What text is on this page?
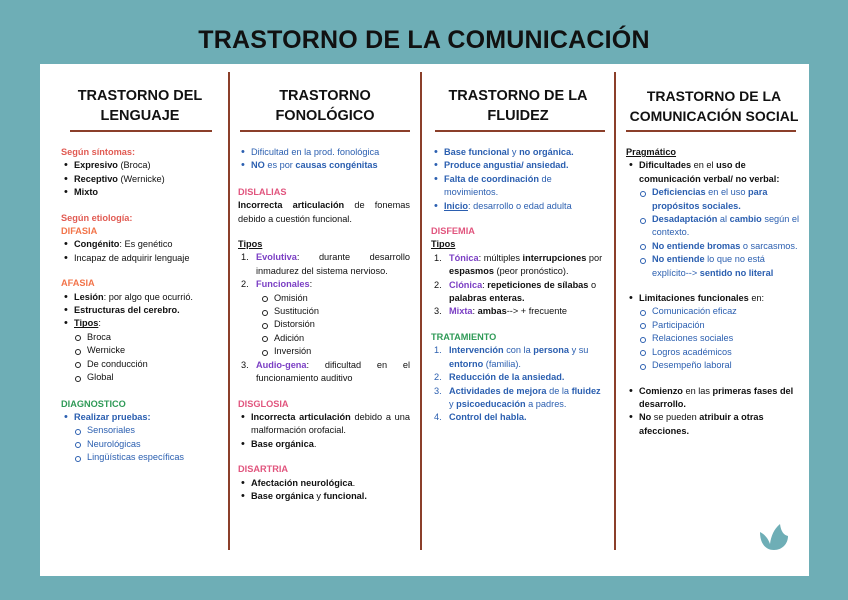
TRASTORNO DE LA COMUNICACIÓN
TRASTORNO DEL LENGUAJE
Según síntomas:
• Expresivo (Broca)
• Receptivo (Wernicke)
• Mixto
Según etiología:
DIFASIA
• Congénito: Es genético
• Incapaz de adquirir lenguaje
AFASIA
• Lesión: por algo que ocurrió.
• Estructuras del cerebro.
• Tipos:
Broca
Wernicke
De conducción
Global
DIAGNOSTICO
• Realizar pruebas:
Sensoriales
Neurológicas
Lingüísticas específicas
TRASTORNO FONOLÓGICO
• Dificultad en la prod. fonológica
• NO es por causas congénitas
DISLALIAS
Incorrecta articulación de fonemas debido a cuestión funcional.
Tipos
1. Evolutiva: durante desarrollo inmadurez del sistema nervioso.
2. Funcionales:
Omisión
Sustitución
Distorsión
Adición
Inversión
3. Audio-gena: dificultad en el funcionamiento auditivo
DISGLOSIA
• Incorrecta articulación debido a una malformación orofacial.
• Base orgánica.
DISARTRIA
• Afectación neurológica.
• Base orgánica y funcional.
TRASTORNO DE LA FLUIDEZ
• Base funcional y no orgánica.
• Produce angustia/ ansiedad.
• Falta de coordinación de movimientos.
• Inicio: desarrollo o edad adulta
DISFEMIA
Tipos
1. Tónica: múltiples interrupciones por espasmos (peor pronóstico).
2. Clónica: repeticiones de sílabas o palabras enteras.
3. Mixta: ambas--> + frecuente
TRATAMIENTO
1. Intervención con la persona y su entorno (familia).
2. Reducción de la ansiedad.
3. Actividades de mejora de la fluidez y psicoeducación a padres.
4. Control del habla.
TRASTORNO DE LA COMUNICACIÓN SOCIAL
Pragmático
• Dificultades en el uso de comunicación verbal/ no verbal:
Deficiencias en el uso para propósitos sociales.
Desadaptación al cambio según el contexto.
No entiende bromas o sarcasmos.
No entiende lo que no está explícito--> sentido no literal
• Limitaciones funcionales en:
Comunicación eficaz
Participación
Relaciones sociales
Logros académicos
Desempeño laboral
• Comienzo en las primeras fases del desarrollo.
• No se pueden atribuir a otras afecciones.
